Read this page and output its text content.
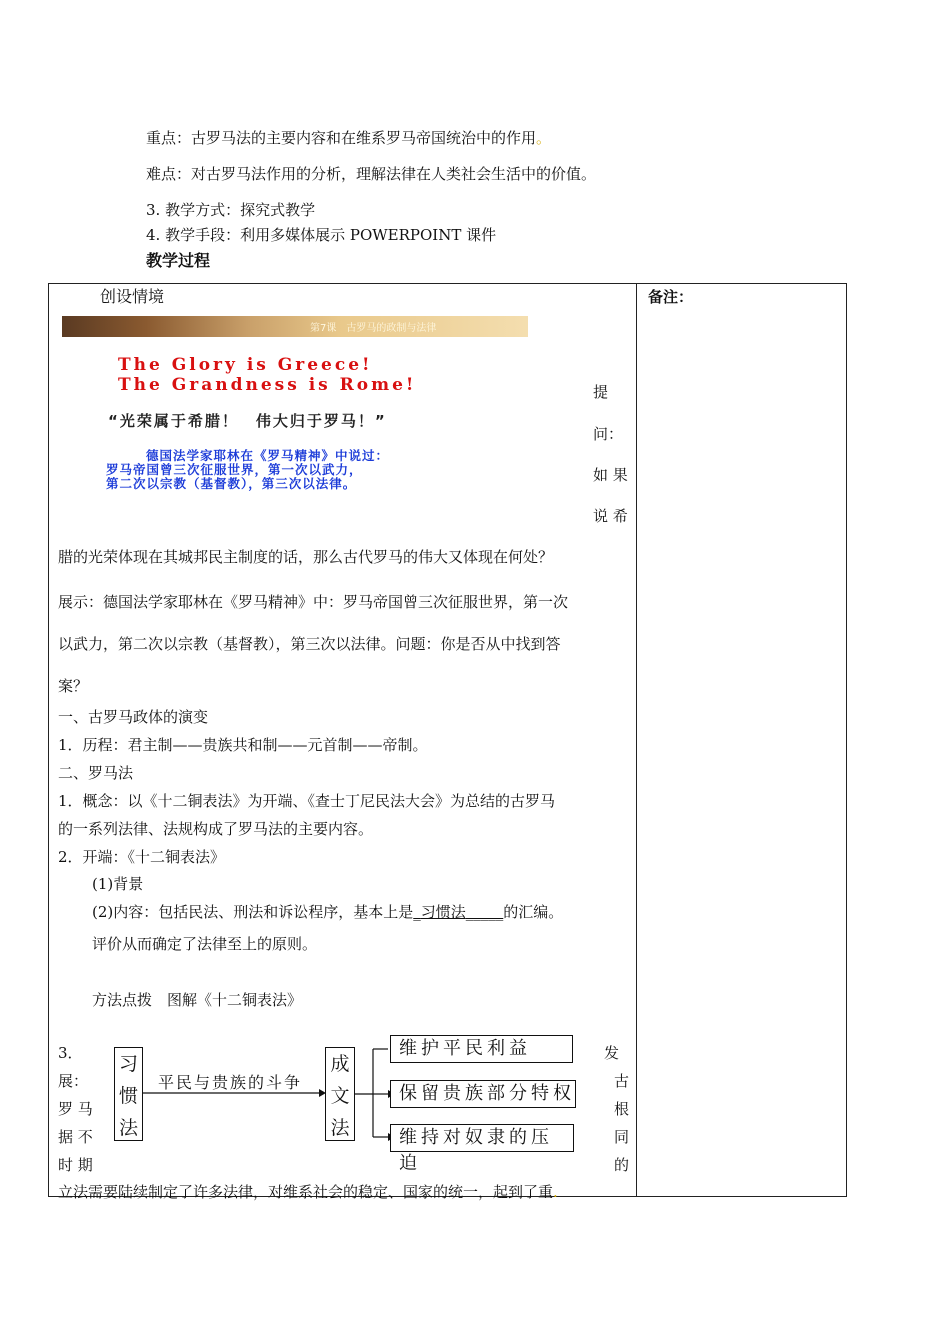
重点：古罗马法的主要内容和在维系罗马帝国统治中的作用。
难点：对古罗马法作用的分析，理解法律在人类社会生活中的价值。
3. 教学方式：探究式教学
4. 教学手段：利用多媒体展示 POWERPOINT 课件
教学过程
备注：
创设情境
第7课　古罗马的政制与法律
The Glory is Greece!
The Grandness is Rome!
“光荣属于希腊！　伟大归于罗马！”
德国法学家耶林在《罗马精神》中说过：
罗马帝国曾三次征服世界，第一次以武力，
第二次以宗教（基督教），第三次以法律。
提
问：
如 果
说 希
腊的光荣体现在其城邦民主制度的话，那么古代罗马的伟大又体现在何处？
展示：德国法学家耶林在《罗马精神》中：罗马帝国曾三次征服世界，第一次
以武力，第二次以宗教（基督教），第三次以法律。问题：你是否从中找到答
案？
一、古罗马政体的演变
1．历程：君主制——贵族共和制——元首制——帝制。
二、罗马法
1．概念：以《十二铜表法》为开端、《查士丁尼民法大会》为总结的古罗马
的一系列法律、法规构成了罗马法的主要内容。
2．开端：《十二铜表法》
(1)背景
(2)内容：包括民法、刑法和诉讼程序，基本上是_习惯法_____的汇编。
评价从而确定了法律至上的原则。
方法点拨　图解《十二铜表法》
3．
展：
罗 马
据 不
时 期
发
古
根
同
的
立法需要陆续制定了许多法律，对维系社会的稳定、国家的统一，起到了重.
习
惯
法
平民与贵族的斗争
成
文
法
维护平民利益
保留贵族部分特权
维持对奴隶的压迫
